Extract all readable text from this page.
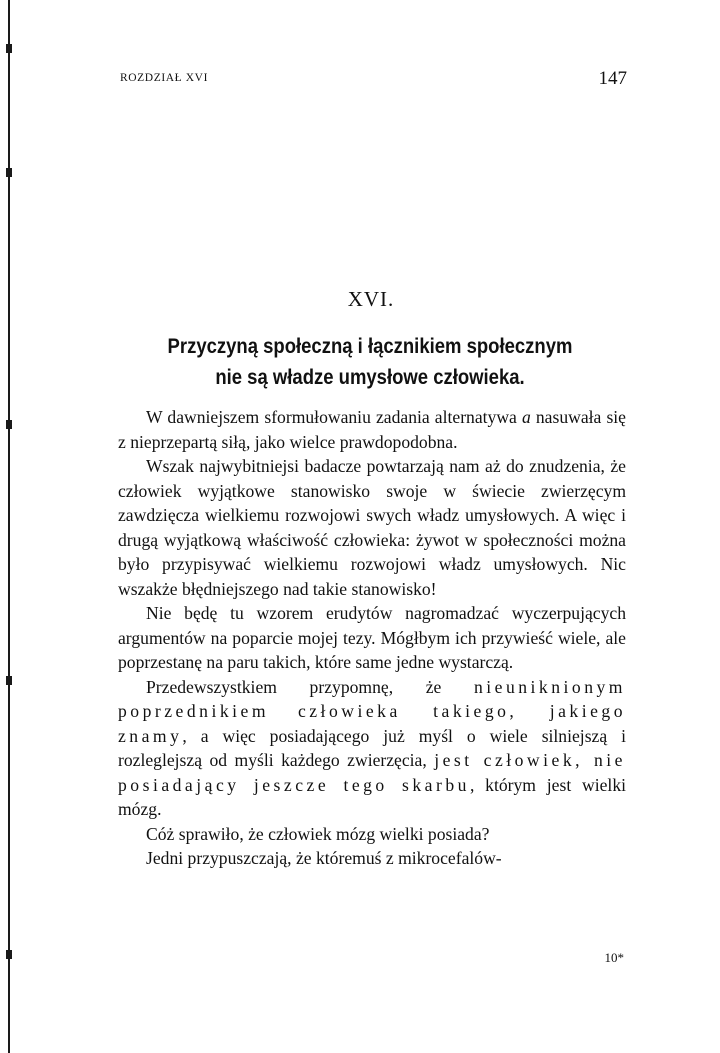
ROZDZIAŁ XVI	147
XVI.
Przyczyną społeczną i łącznikiem społecznym
nie są władze umysłowe człowieka.

W dawniejszem sformułowaniu zadania alternatywa a nasuwała się z nieprzepartą siłą, jako wielce prawdopodobna.

Wszak najwybitniejsi badacze powtarzają nam aż do znudzenia, że człowiek wyjątkowe stanowisko swoje w świecie zwierzęcym zawdzięcza wielkiemu rozwojowi swych władz umysłowych. A więc i drugą wyjątkową właściwość człowieka: żywot w społeczności można było przypisywać wielkiemu rozwojowi władz umysłowych. Nic wszakże błędniejszego nad takie stanowisko!

Nie będę tu wzorem erudytów nagromadzać wyczerpujących argumentów na poparcie mojej tezy. Mógłbym ich przywieść wiele, ale poprzestanę na paru takich, które same jedne wystarczą.

Przedewszystkiem przypomnę, że nieuniknionym poprzednikiem człowieka takiego, jakiego znamy, a więc posiadającego już myśl o wiele silniejszą i rozleglejszą od myśli każdego zwierzęcia, jest człowiek, nie posiadający jeszcze tego skarbu, którym jest wielki mózg.

Cóż sprawiło, że człowiek mózg wielki posiada?

Jedni przypuszczają, że któremuś z mikrocefalów-

10*
